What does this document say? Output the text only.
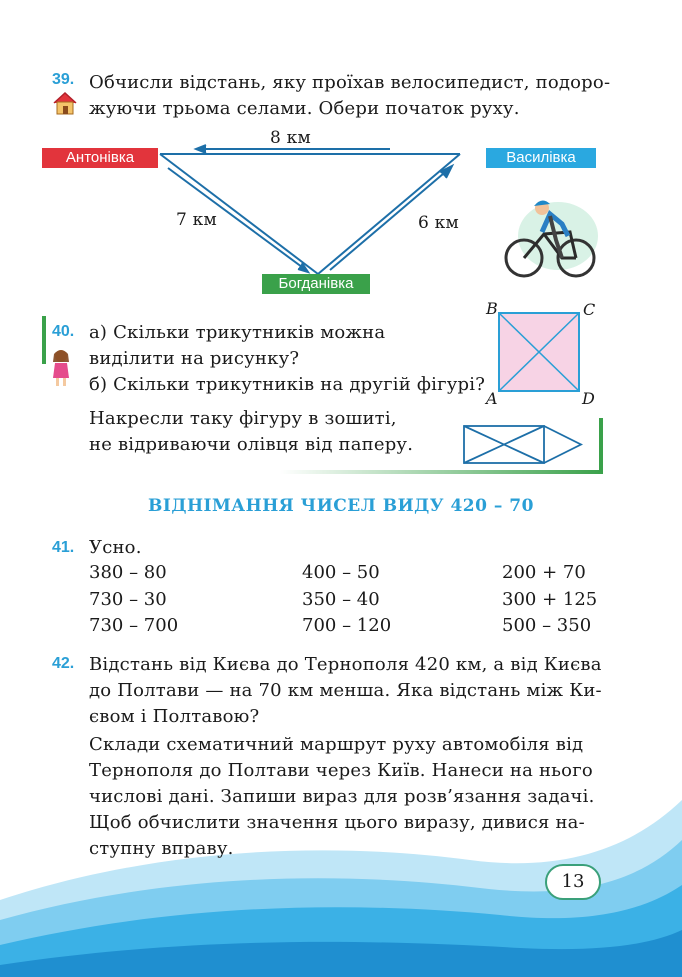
39. Обчисли відстань, яку проїхав велосипедист, подоро-
жуючи трьома селами. Обери початок руху.
8 км
7 км	6 км
Антонівка	Василівка
Богданівка
40. а) Скільки трикутників можна
виділити на рисунку?
б) Скільки трикутників на другій фігурі?
Накресли таку фігуру в зошиті,
не відриваючи олівця від паперу.
B	C
A	D
ВІДНІМАННЯ ЧИСЕЛ ВИДУ 420 – 70
41. Усно.
380 – 80	400 – 50	200 + 70
730 – 30	350 – 40	300 + 125
730 – 700	700 – 120	500 – 350
42. Відстань від Києва до Тернополя 420 км, а від Києва
до Полтави — на 70 км менша. Яка відстань між Ки-
євом і Полтавою?
Склади схематичний маршрут руху автомобіля від
Тернополя до Полтави через Київ. Нанеси на нього
числові дані. Запиши вираз для розв’язання задачі.
Щоб обчислити значення цього виразу, дивися на-
ступну вправу.
13
